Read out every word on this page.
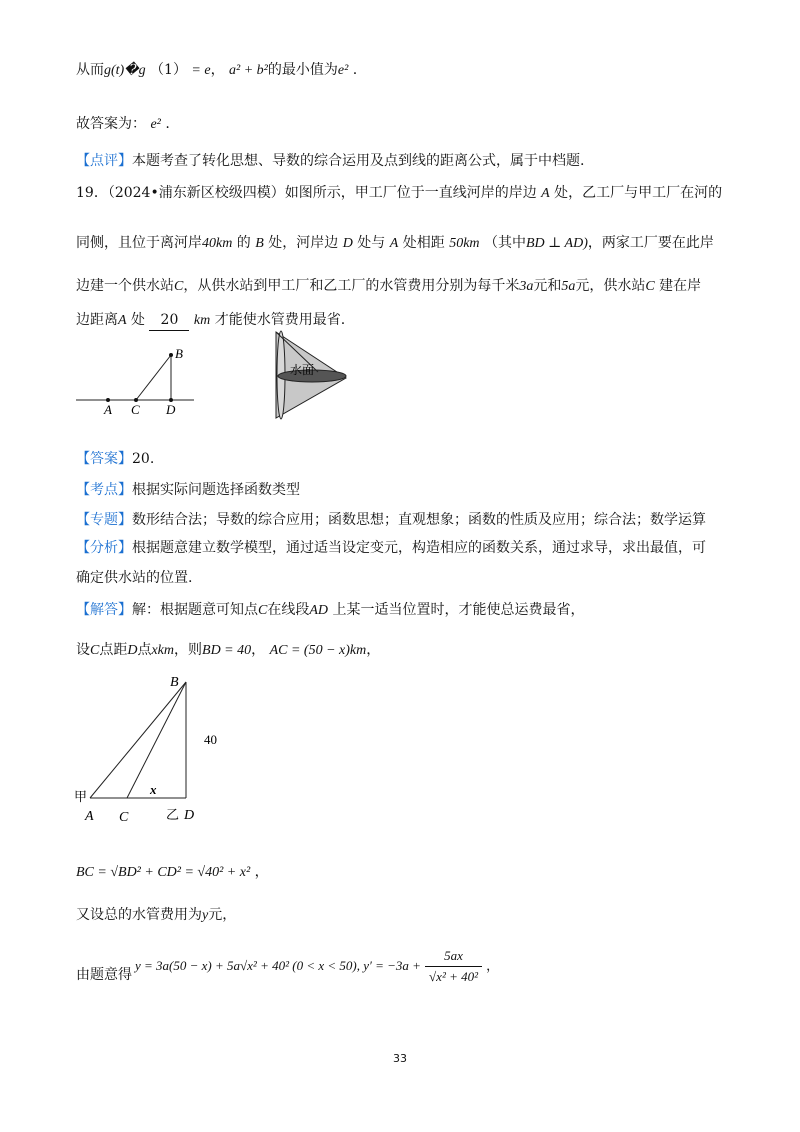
从而g(t)�g （1） = e， a² + b²的最小值为e² .
故答案为： e² .
【点评】本题考查了转化思想、导数的综合运用及点到线的距离公式，属于中档题.
19．（2024•浦东新区校级四模）如图所示，甲工厂位于一直线河岸的岸边 A 处，乙工厂与甲工厂在河的
同侧，且位于离河岸40km 的 B 处，河岸边 D 处与 A 处相距 50km （其中BD ⊥ AD)，两家工厂要在此岸
边建一个供水站C，从供水站到甲工厂和乙工厂的水管费用分别为每千米3a元和5a元，供水站C 建在岸
边距离A 处 20 km 才能使水管费用最省.
A C D
B
水面
【答案】20.
【考点】根据实际问题选择函数类型
【专题】数形结合法；导数的综合应用；函数思想；直观想象；函数的性质及应用；综合法；数学运算
【分析】根据题意建立数学模型，通过适当设定变元，构造相应的函数关系，通过求导，求出最值，可
确定供水站的位置.
【解答】解：根据题意可知点C在线段AD 上某一适当位置时，才能使总运费最省，
设C点距D点xkm，则BD = 40， AC = (50 − x)km，
B
40
甲
A C
x
乙 D
BC = √BD² + CD² = √40² + x² ，
又设总的水管费用为y元，
由题意得
y = 3a(50 − x) + 5a√x² + 40² (0 < x < 50), $y' = -3a + \frac{5ax}{\text{√x² + 40²}}$ ，
33
